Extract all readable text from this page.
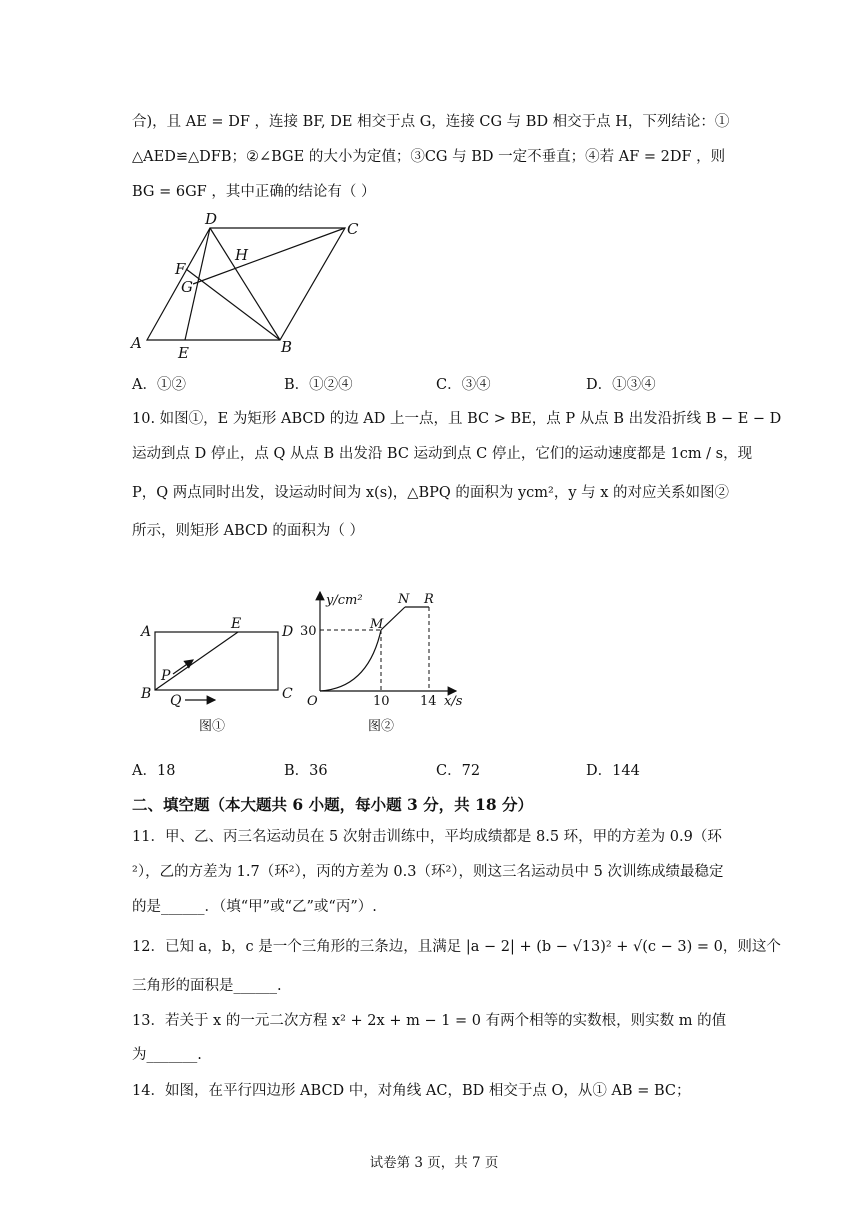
合)，且 AE = DF ，连接 BF, DE 相交于点 G，连接 CG 与 BD 相交于点 H，下列结论：①
△AED≌△DFB；②∠BGE 的大小为定值；③CG 与 BD 一定不垂直；④若 AF = 2DF ，则
BG = 6GF ，其中正确的结论有（ ）
D
C
F
H
G
A
E	B
A．①②	B．①②④	C．③④	D．①③④
10. 如图①，E 为矩形 ABCD 的边 AD 上一点，且 BC > BE，点 P 从点 B 出发沿折线 B − E − D
运动到点 D 停止，点 Q 从点 B 出发沿 BC 运动到点 C 停止，它们的运动速度都是 1cm / s，现
P，Q 两点同时出发，设运动时间为 x(s)，△BPQ 的面积为 ycm²，y 与 x 的对应关系如图②
所示，则矩形 ABCD 的面积为（ ）
A	E	D
P
B Q	C
图①
y/cm²
x/s
O
30
10 14
M
N R
图②
A．18	B．36	C．72	D．144
二、填空题（本大题共 6 小题，每小题 3 分，共 18 分）
11．甲、乙、丙三名运动员在 5 次射击训练中，平均成绩都是 8.5 环，甲的方差为 0.9（环
²），乙的方差为 1.7（环²），丙的方差为 0.3（环²），则这三名运动员中 5 次训练成绩最稳定
的是______．（填“甲”或“乙”或“丙”）.
12．已知 a，b，c 是一个三角形的三条边，且满足 |a − 2| + (b − √13)² + √(c − 3) = 0，则这个
三角形的面积是______.
13．若关于 x 的一元二次方程 x² + 2x + m − 1 = 0 有两个相等的实数根，则实数 m 的值
为_______.
14．如图，在平行四边形 ABCD 中，对角线 AC，BD 相交于点 O，从① AB = BC；
试卷第 3 页，共 7 页
